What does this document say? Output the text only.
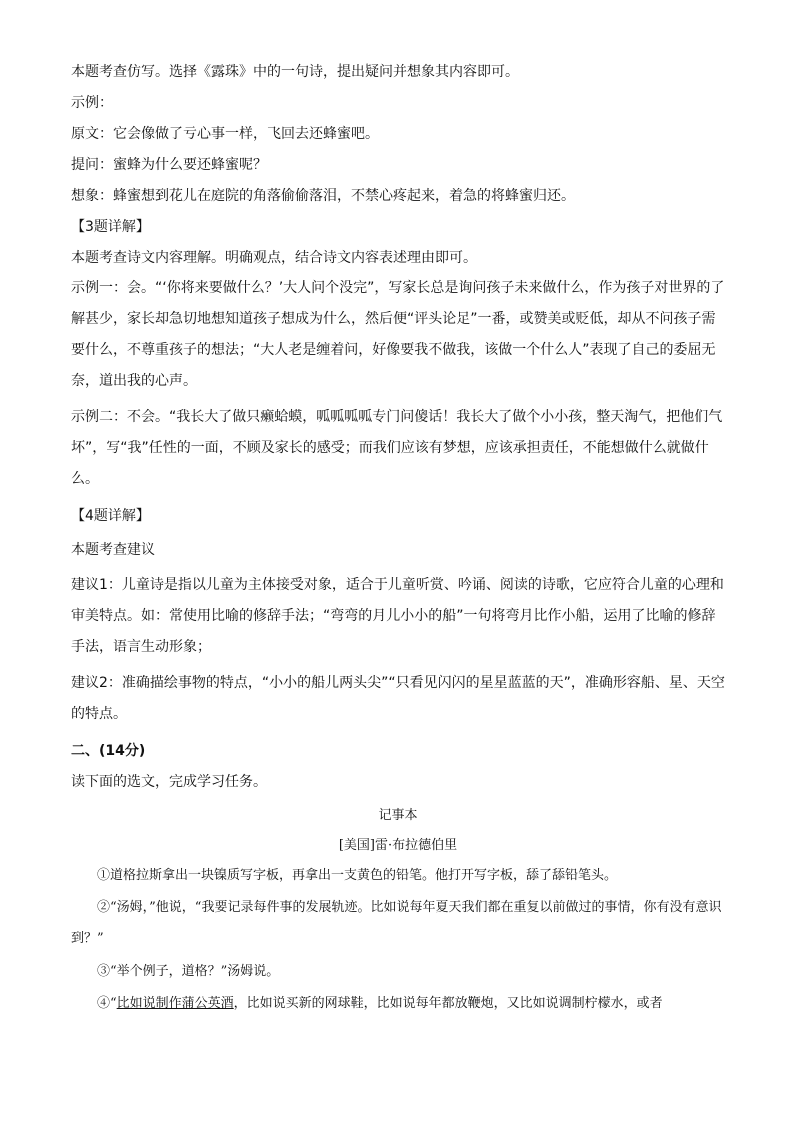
本题考查仿写。选择《露珠》中的一句诗，提出疑问并想象其内容即可。

示例：

原文：它会像做了亏心事一样，飞回去还蜂蜜吧。

提问：蜜蜂为什么要还蜂蜜呢？

想象：蜂蜜想到花儿在庭院的角落偷偷落泪，不禁心疼起来，着急的将蜂蜜归还。

【3题详解】

本题考查诗文内容理解。明确观点，结合诗文内容表述理由即可。

示例一：会。“‘你将来要做什么？’大人问个没完”，写家长总是询问孩子未来做什么，作为孩子对世界的了解甚少，家长却急切地想知道孩子想成为什么，然后便“评头论足”一番，或赞美或贬低，却从不问孩子需要什么，不尊重孩子的想法；“大人老是缠着问，好像要我不做我，该做一个什么人”表现了自己的委屈无奈，道出我的心声。

示例二：不会。“我长大了做只癞蛤蟆，呱呱呱呱专门问傻话！我长大了做个小小孩，整天淘气，把他们气坏”，写“我”任性的一面，不顾及家长的感受；而我们应该有梦想，应该承担责任，不能想做什么就做什么。

【4题详解】

本题考查建议

建议1：儿童诗是指以儿童为主体接受对象，适合于儿童听赏、吟诵、阅读的诗歌，它应符合儿童的心理和审美特点。如：常使用比喻的修辞手法；“弯弯的月儿小小的船”一句将弯月比作小船，运用了比喻的修辞手法，语言生动形象；

建议2：准确描绘事物的特点，“小小的船儿两头尖”“只看见闪闪的星星蓝蓝的天”，准确形容船、星、天空的特点。

二、(14分)

读下面的选文，完成学习任务。

记事本

[美国]雷·布拉德伯里

①道格拉斯拿出一块镍质写字板，再拿出一支黄色的铅笔。他打开写字板，舔了舔铅笔头。

②“汤姆，”他说，“我要记录每件事的发展轨迹。比如说每年夏天我们都在重复以前做过的事情，你有没有意识到？”

③“举个例子，道格？”汤姆说。

④“比如说制作蒲公英酒，比如说买新的网球鞋，比如说每年都放鞭炮，又比如说调制柠檬水，或者
